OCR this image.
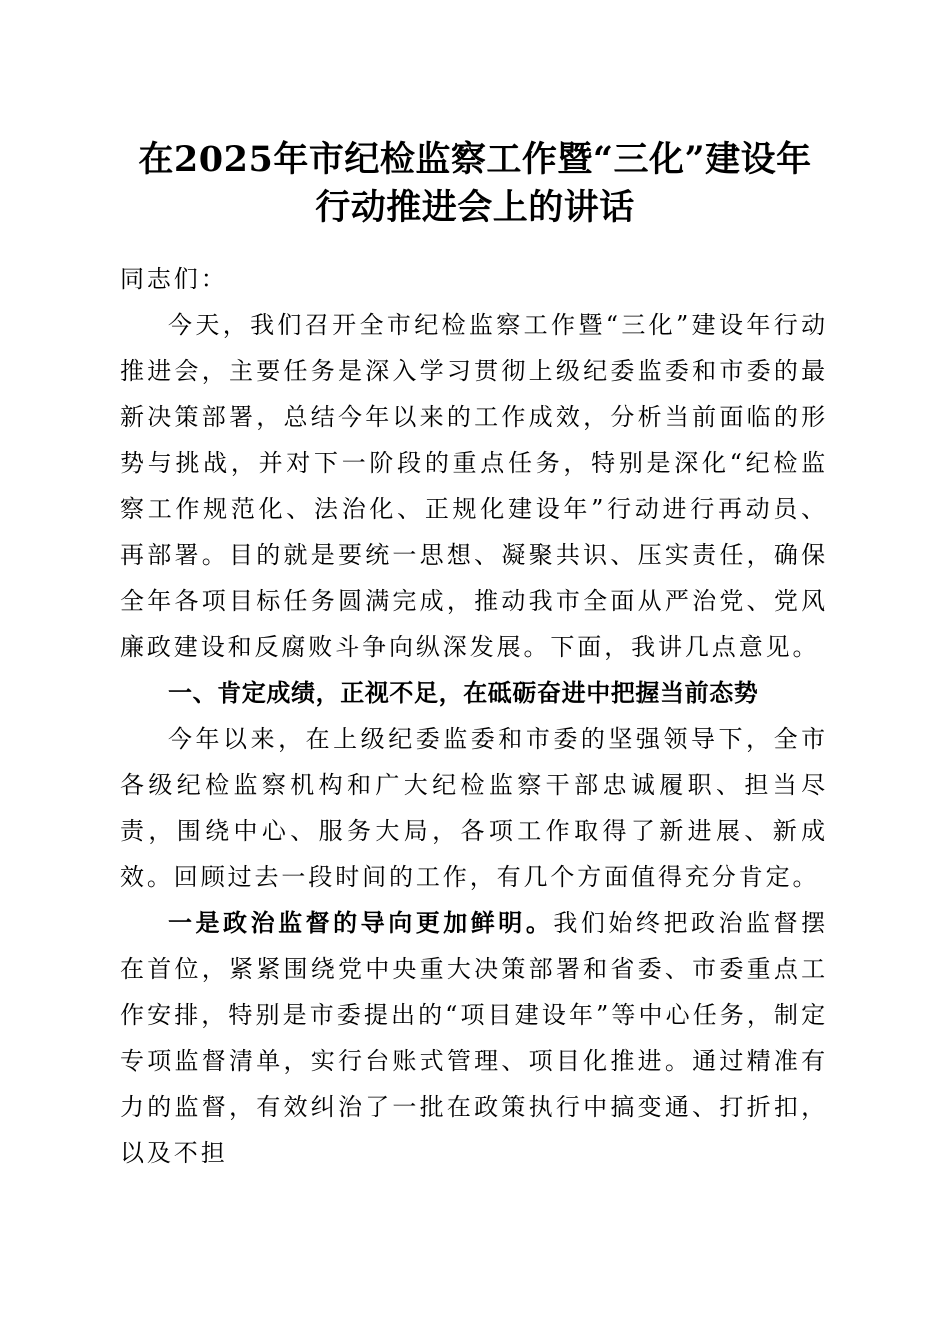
在2025年市纪检监察工作暨“三化”建设年
行动推进会上的讲话

同志们：

今天，我们召开全市纪检监察工作暨“三化”建设年行动推进会，主要任务是深入学习贯彻上级纪委监委和市委的最新决策部署，总结今年以来的工作成效，分析当前面临的形势与挑战，并对下一阶段的重点任务，特别是深化“纪检监察工作规范化、法治化、正规化建设年”行动进行再动员、再部署。目的就是要统一思想、凝聚共识、压实责任，确保全年各项目标任务圆满完成，推动我市全面从严治党、党风廉政建设和反腐败斗争向纵深发展。下面，我讲几点意见。

一、肯定成绩，正视不足，在砥砺奋进中把握当前态势

今年以来，在上级纪委监委和市委的坚强领导下，全市各级纪检监察机构和广大纪检监察干部忠诚履职、担当尽责，围绕中心、服务大局，各项工作取得了新进展、新成效。回顾过去一段时间的工作，有几个方面值得充分肯定。

一是政治监督的导向更加鲜明。我们始终把政治监督摆在首位，紧紧围绕党中央重大决策部署和省委、市委重点工作安排，特别是市委提出的“项目建设年”等中心任务，制定专项监督清单，实行台账式管理、项目化推进。通过精准有力的监督，有效纠治了一批在政策执行中搞变通、打折扣，以及不担
